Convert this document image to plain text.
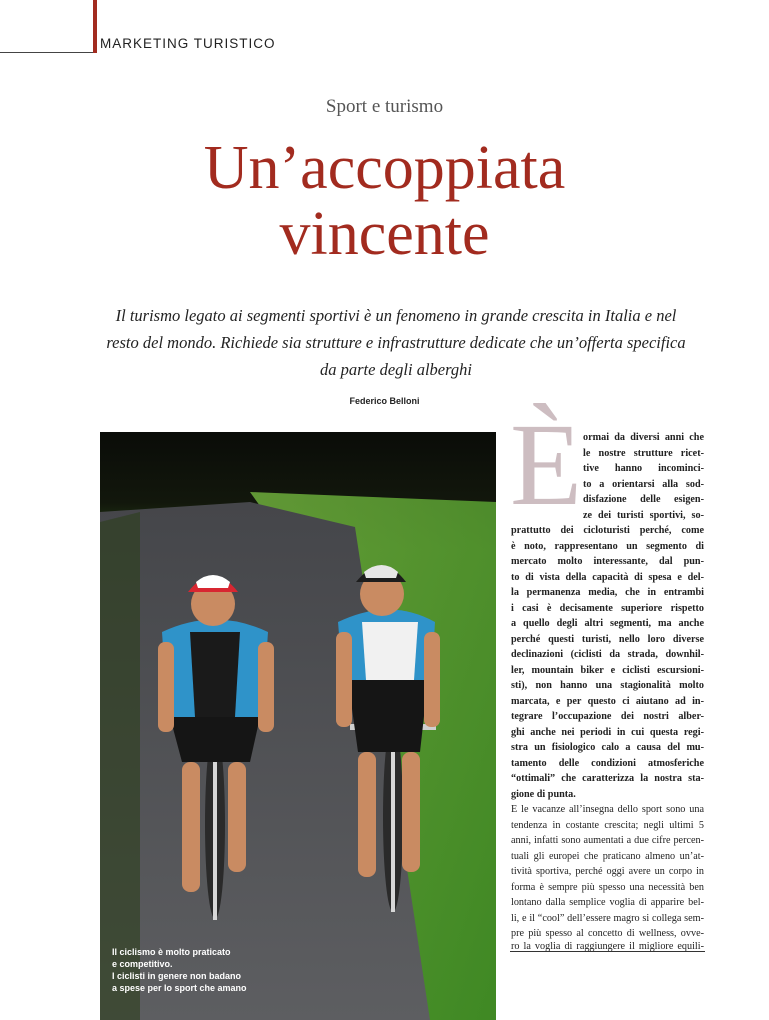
MARKETING TURISTICO
Sport e turismo
Un’accoppiata
vincente

Il turismo legato ai segmenti sportivi è un fenomeno in grande crescita in Italia e nel resto del mondo. Richiede sia strutture e infrastrutture dedicate che un’offerta specifica da parte degli alberghi

Federico Belloni
Il ciclismo è molto praticato
e competitivo.
I ciclisti in genere non badano
a spese per lo sport che amano
È ormai da diversi anni che
le nostre strutture ricet-
tive hanno incominci-
to a orientarsi alla sod-
disfazione delle esigen-
ze dei turisti sportivi, so-
prattutto dei cicloturisti perché, come
è noto, rappresentano un segmento di
mercato molto interessante, dal pun-
to di vista della capacità di spesa e del-
la permanenza media, che in entrambi
i casi è decisamente superiore rispetto
a quello degli altri segmenti, ma anche
perché questi turisti, nello loro diverse
declinazioni (ciclisti da strada, downhil-
ler, mountain biker e ciclisti escursioni-
sti), non hanno una stagionalità molto
marcata, e per questo ci aiutano ad in-
tegrare l’occupazione dei nostri alber-
ghi anche nei periodi in cui questa regi-
stra un fisiologico calo a causa del mu-
tamento delle condizioni atmosferiche
“ottimali” che caratterizza la nostra sta-
gione di punta.
E le vacanze all’insegna dello sport sono una
tendenza in costante crescita; negli ultimi 5
anni, infatti sono aumentati a due cifre percen-
tuali gli europei che praticano almeno un’at-
tività sportiva, perché oggi avere un corpo in
forma è sempre più spesso una necessità ben
lontano dalla semplice voglia di apparire bel-
li, e il “cool” dell’essere magro si collega sem-
pre più spesso al concetto di wellness, ovve-
ro la voglia di raggiungere il migliore equili-
